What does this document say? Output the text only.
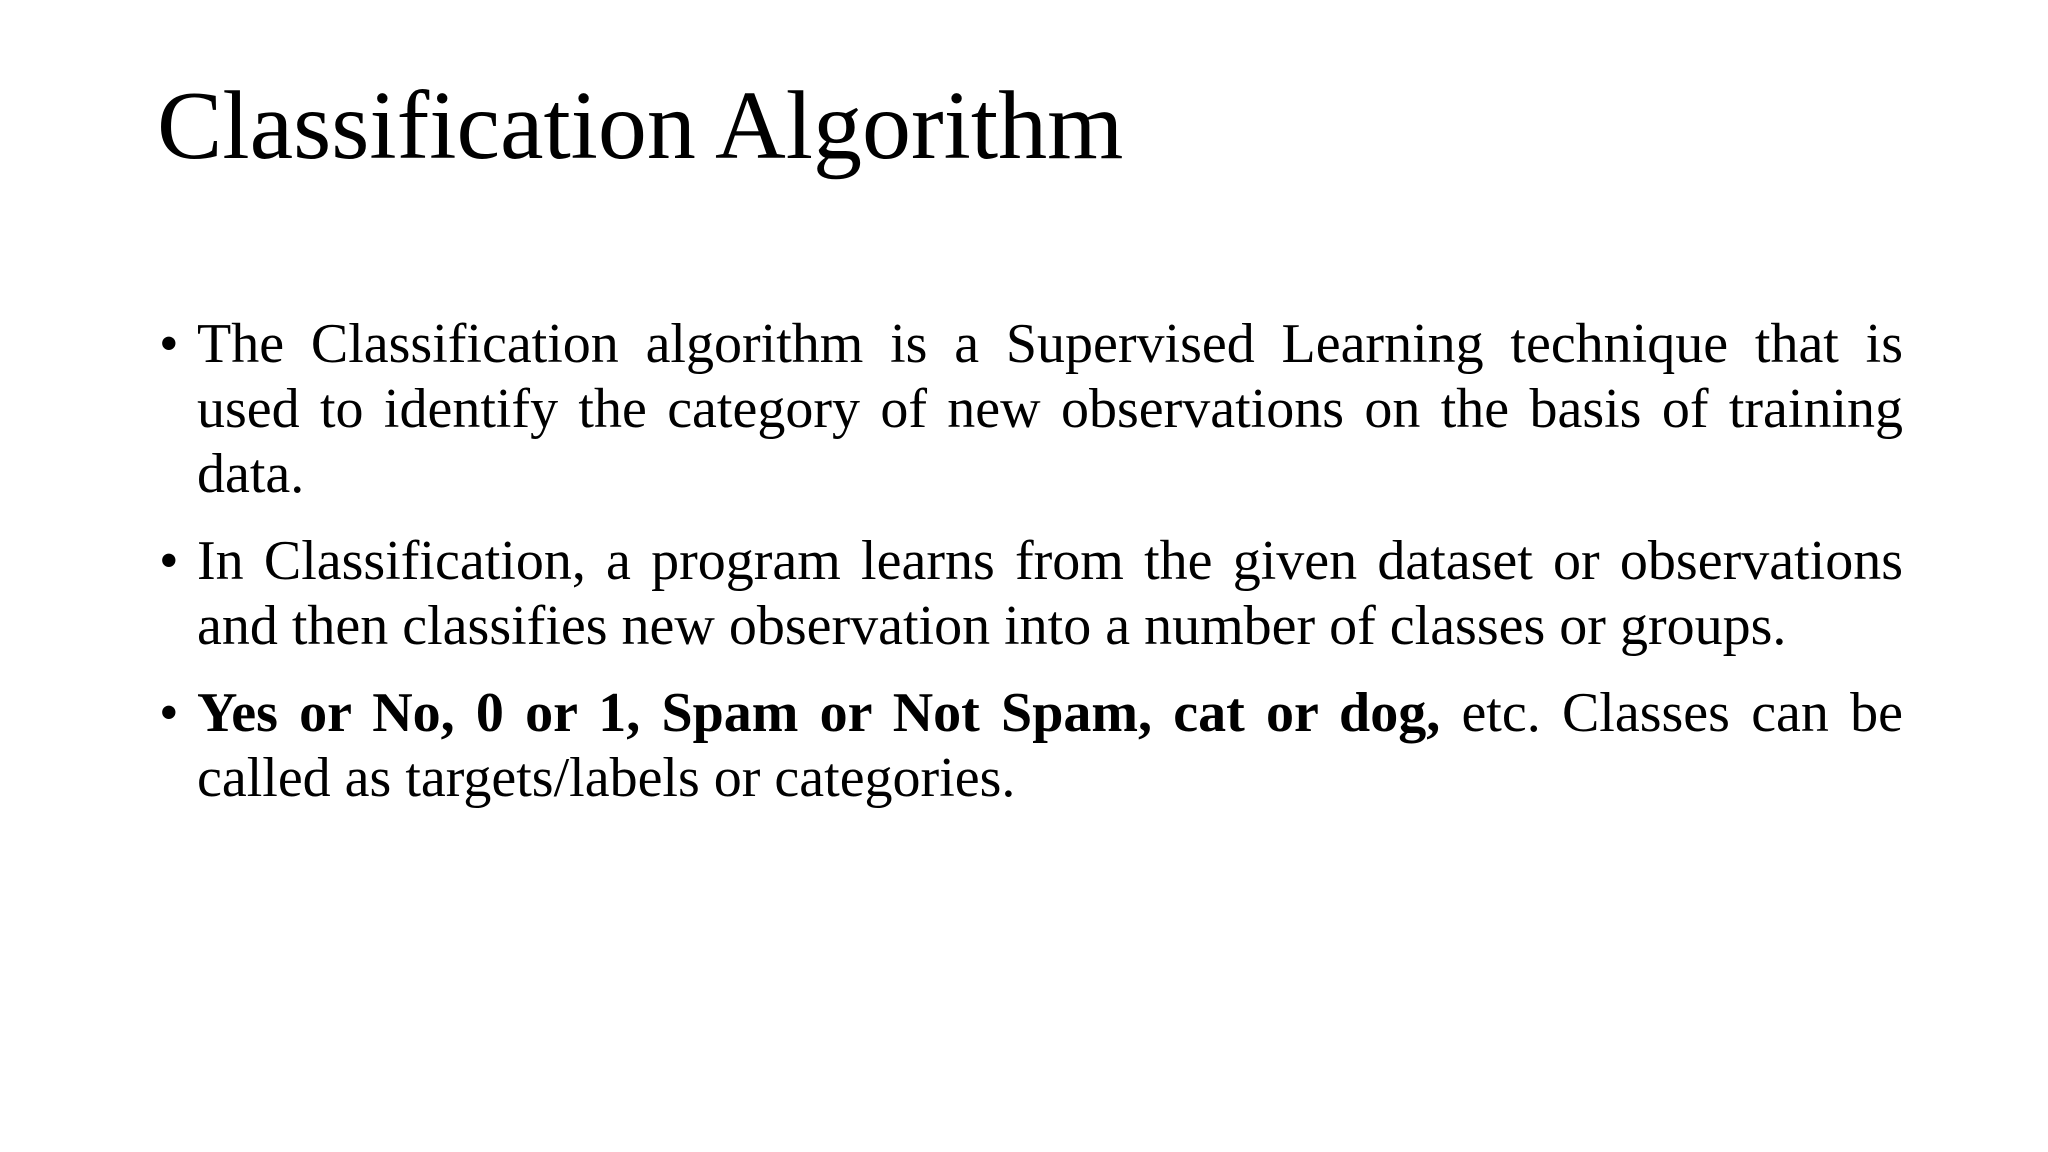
Classification Algorithm
• The Classification algorithm is a Supervised Learning technique that is used to identify the category of new observations on the basis of training data.
• In Classification, a program learns from the given dataset or observations and then classifies new observation into a number of classes or groups.
• Yes or No, 0 or 1, Spam or Not Spam, cat or dog, etc. Classes can be called as targets/labels or categories.
